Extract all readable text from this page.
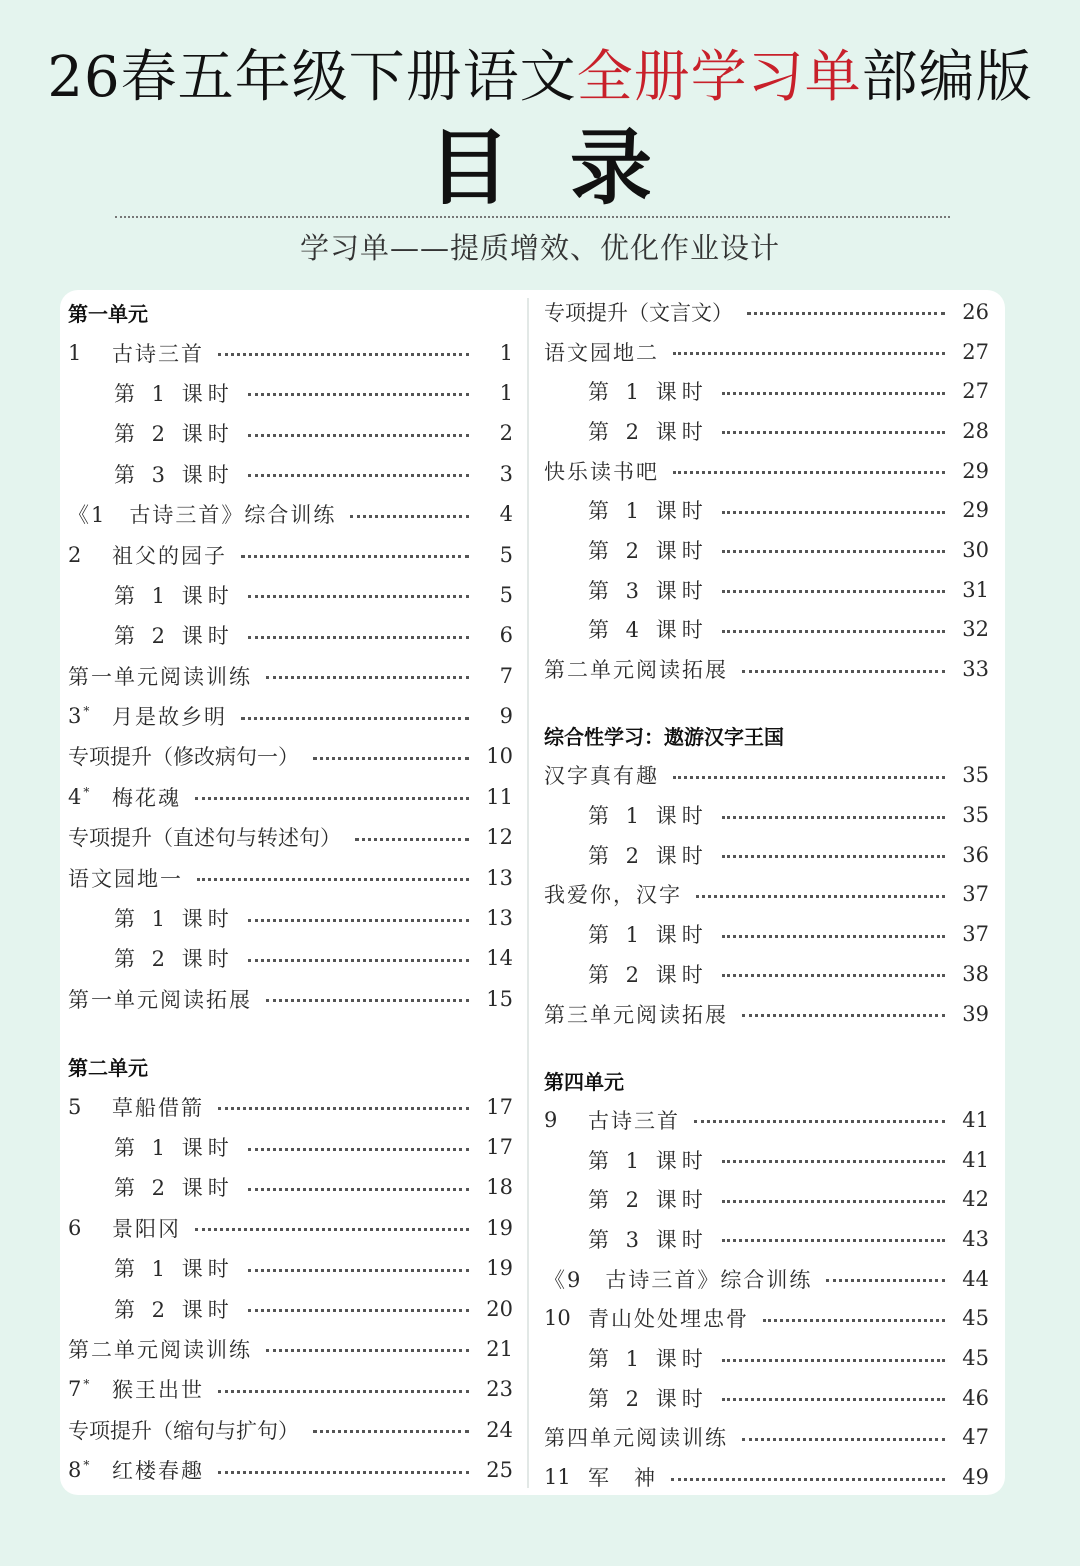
26春五年级下册语文全册学习单部编版
目录
学习单——提质增效、优化作业设计
第一单元
1	古诗三首	1
第 1 课时	1
第 2 课时	2
第 3 课时	3
《1　古诗三首》综合训练	4
2	祖父的园子	5
第 1 课时	5
第 2 课时	6
第一单元阅读训练	7
3 *	月是故乡明	9
专项提升（修改病句一）	10
4 *	梅花魂	11
专项提升（直述句与转述句）	12
语文园地一	13
第 1 课时	13
第 2 课时	14
第一单元阅读拓展	15
第二单元
5	草船借箭	17
第 1 课时	17
第 2 课时	18
6	景阳冈	19
第 1 课时	19
第 2 课时	20
第二单元阅读训练	21
7 *	猴王出世	23
专项提升（缩句与扩句）	24
8 *	红楼春趣	25
专项提升（文言文）	26
语文园地二	27
第 1 课时	27
第 2 课时	28
快乐读书吧	29
第 1 课时	29
第 2 课时	30
第 3 课时	31
第 4 课时	32
第二单元阅读拓展	33
综合性学习：遨游汉字王国
汉字真有趣	35
第 1 课时	35
第 2 课时	36
我爱你，汉字	37
第 1 课时	37
第 2 课时	38
第三单元阅读拓展	39
第四单元
9	古诗三首	41
第 1 课时	41
第 2 课时	42
第 3 课时	43
《9　古诗三首》综合训练	44
10 青山处处埋忠骨	45
第 1 课时	45
第 2 课时	46
第四单元阅读训练	47
11 军　神	49
